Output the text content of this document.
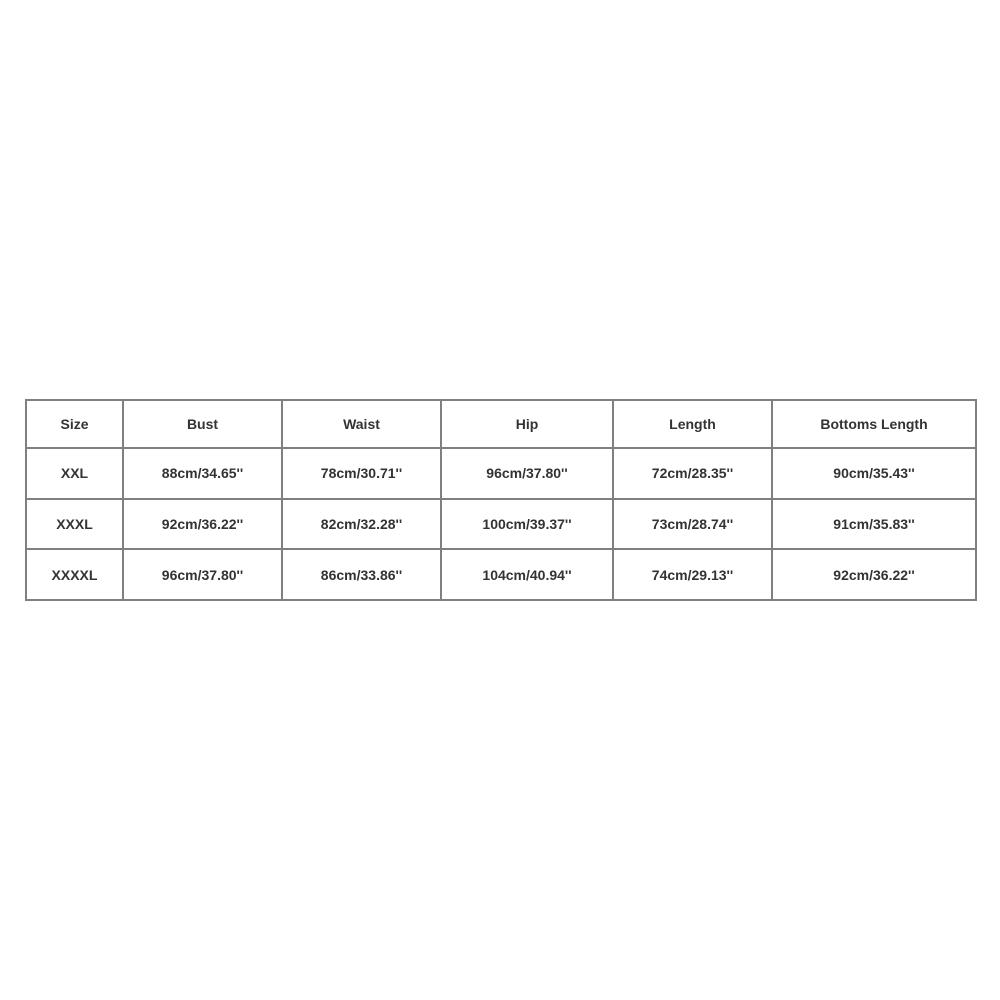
Size	Bust	Waist	Hip	Length	Bottoms Length
XXL	88cm/34.65''	78cm/30.71''	96cm/37.80''	72cm/28.35''	90cm/35.43''
XXXL	92cm/36.22''	82cm/32.28''	100cm/39.37''	73cm/28.74''	91cm/35.83''
XXXXL	96cm/37.80''	86cm/33.86''	104cm/40.94''	74cm/29.13''	92cm/36.22''
